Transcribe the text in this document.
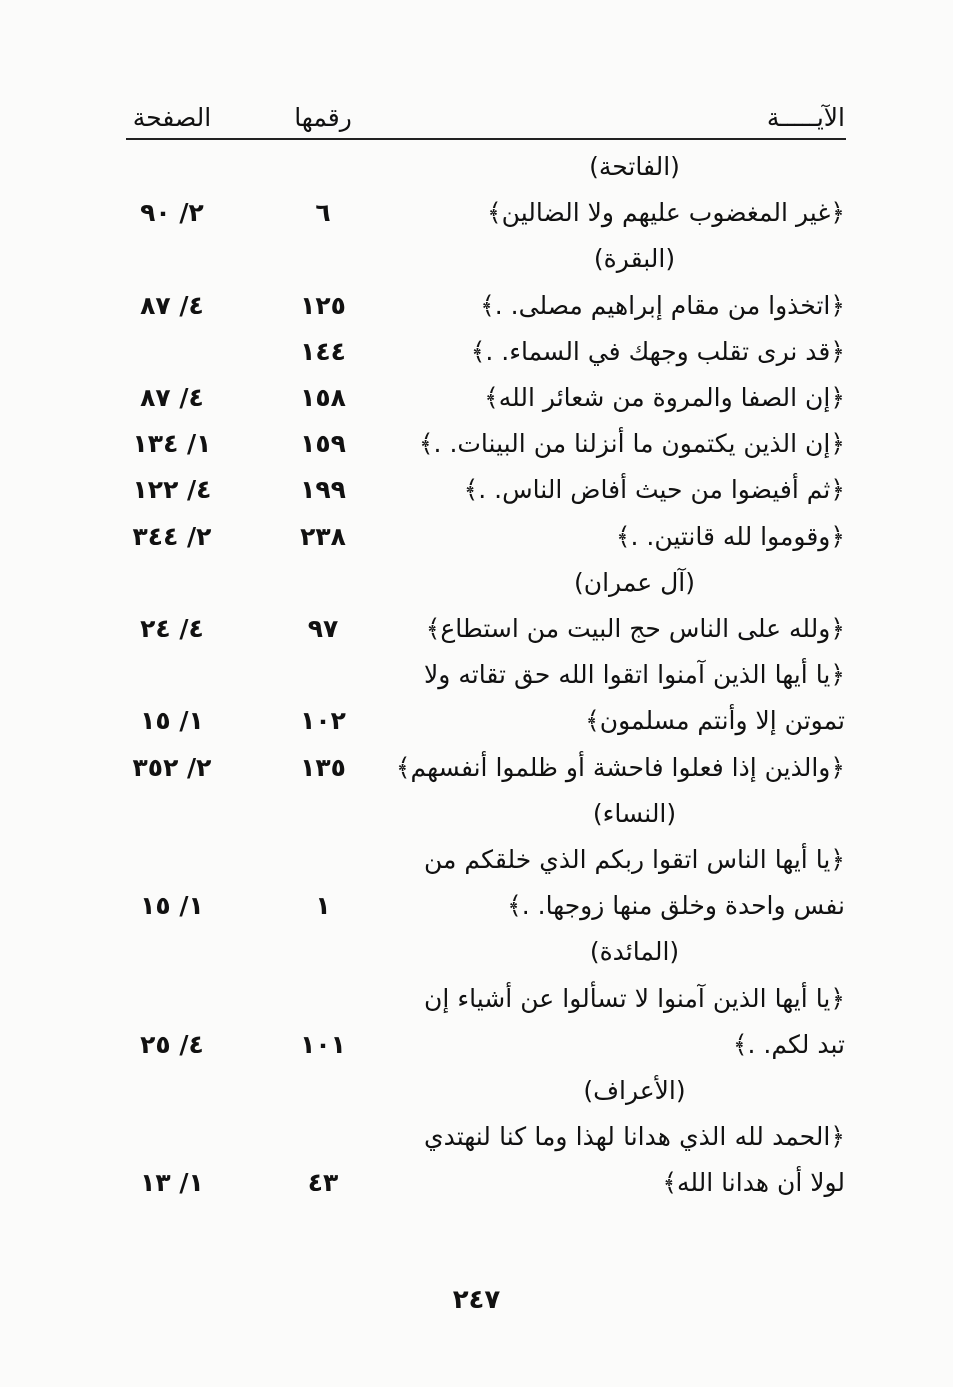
الآيـــــة
رقمها
الصفحة
(الفاتحة)
﴿غير المغضوب عليهم ولا الضالين﴾
٦
٢/ ٩٠
(البقرة)
﴿اتخذوا من مقام إبراهيم مصلى. .﴾
١٢٥
٤/ ٨٧
﴿قد نرى تقلب وجهك في السماء. .﴾
١٤٤
﴿إن الصفا والمروة من شعائر الله﴾
١٥٨
٤/ ٨٧
﴿إن الذين يكتمون ما أنزلنا من البينات. .﴾
١٥٩
١/ ١٣٤
﴿ثم أفيضوا من حيث أفاض الناس. .﴾
١٩٩
٤/ ١٢٢
﴿وقوموا لله قانتين. .﴾
٢٣٨
٢/ ٣٤٤
(آل عمران)
﴿ولله على الناس حج البيت من استطاع﴾
٩٧
٤/ ٢٤
﴿يا أيها الذين آمنوا اتقوا الله حق تقاته ولا
تموتن إلا وأنتم مسلمون﴾
١٠٢
١/ ١٥
﴿والذين إذا فعلوا فاحشة أو ظلموا أنفسهم﴾
١٣٥
٢/ ٣٥٢
(النساء)
﴿يا أيها الناس اتقوا ربكم الذي خلقكم من
نفس واحدة وخلق منها زوجها. .﴾
١
١/ ١٥
(المائدة)
﴿يا أيها الذين آمنوا لا تسألوا عن أشياء إن
تبد لكم. .﴾
١٠١
٤/ ٢٥
(الأعراف)
﴿الحمد لله الذي هدانا لهذا وما كنا لنهتدي
لولا أن هدانا الله﴾
٤٣
١/ ١٣
٢٤٧
